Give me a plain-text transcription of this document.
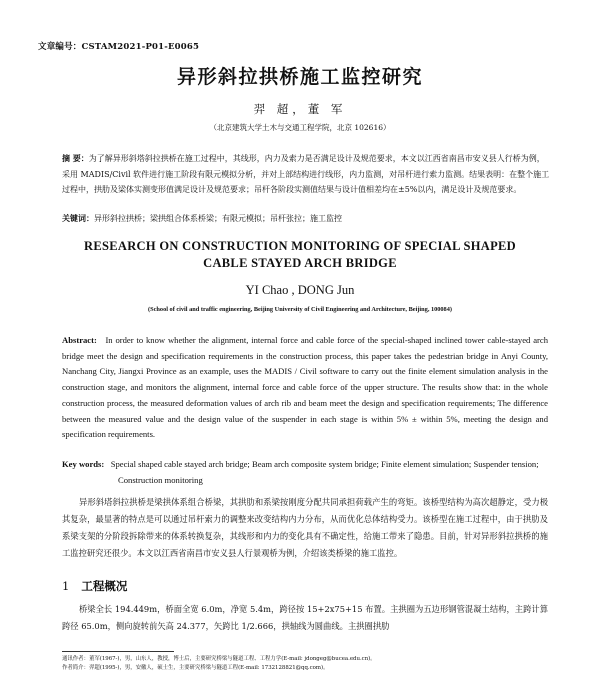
文章编号：CSTAM2021-P01-E0065
异形斜拉拱桥施工监控研究
羿 超，董 军
（北京建筑大学土木与交通工程学院，北京 102616）
摘 要：为了解异形斜塔斜拉拱桥在施工过程中，其线形，内力及索力是否满足设计及规范要求，本文以江西省南昌市安义县人行桥为例，采用 MADIS/Civil 软件进行施工阶段有限元模拟分析，并对上部结构进行线形，内力监测，对吊杆进行索力监测。结果表明：在整个施工过程中，拱肋及梁体实测变形值满足设计及规范要求；吊杆各阶段实测值结果与设计值相差均在±5%以内，满足设计及规范要求。
关键词：异形斜拉拱桥；梁拱组合体系桥梁；有限元模拟；吊杆张拉；施工监控
RESEARCH ON CONSTRUCTION MONITORING OF SPECIAL SHAPED
CABLE STAYED ARCH BRIDGE
YI Chao , DONG Jun
(School of civil and traffic engineering, Beijing University of Civil Engineering and Architecture, Beijing, 100084)
Abstract: In order to know whether the alignment, internal force and cable force of the special-shaped inclined tower cable-stayed arch bridge meet the design and specification requirements in the construction process, this paper takes the pedestrian bridge in Anyi County, Nanchang City, Jiangxi Province as an example, uses the MADIS / Civil software to carry out the finite element simulation analysis in the construction stage, and monitors the alignment, internal force and cable force of the upper structure. The results show that: in the whole construction process, the measured deformation values of arch rib and beam meet the design and specification requirements; The difference between the measured value and the design value of the suspender in each stage is within 5% ± within 5%, meeting the design and specification requirements.
Key words: Special shaped cable stayed arch bridge; Beam arch composite system bridge; Finite element simulation; Suspender tension; Construction monitoring
异形斜塔斜拉拱桥是梁拱体系组合桥梁，其拱肋和系梁按刚度分配共同承担荷载产生的弯矩。该桥型结构为高次超静定，受力极其复杂，最显著的特点是可以通过吊杆索力的调整来改变结构内力分布，从而优化总体结构受力。该桥型在施工过程中，由于拱肋及系梁支架的分阶段拆除带来的体系转换复杂，其线形和内力的变化具有不确定性，给施工带来了隐患。目前，针对异形斜拉拱桥的施工监控研究还很少。本文以江西省南昌市安义县人行景观桥为例，介绍该类桥梁的施工监控。
1 工程概况
桥梁全长 194.449m，桥面全宽 6.0m，净宽 5.4m，跨径按 15+2x75+15 布置。主拱圈为五边形钢管混凝土结构，主跨计算跨径 65.0m，侧向旋转前矢高 24.377，矢跨比 1/2.666，拱轴线为圆曲线。主拱圈拱肋
通讯作者：董军(1967-)，男，山东人，教授，博士后，主要研究桥梁与隧道工程、工程力学(E-mail: jdongeg@bucea.edu.cn)。
作者简介：羿超(1995-)，男，安徽人，硕士生，主要研究桥梁与隧道工程(E-mail: 1732128821@qq.com)。
